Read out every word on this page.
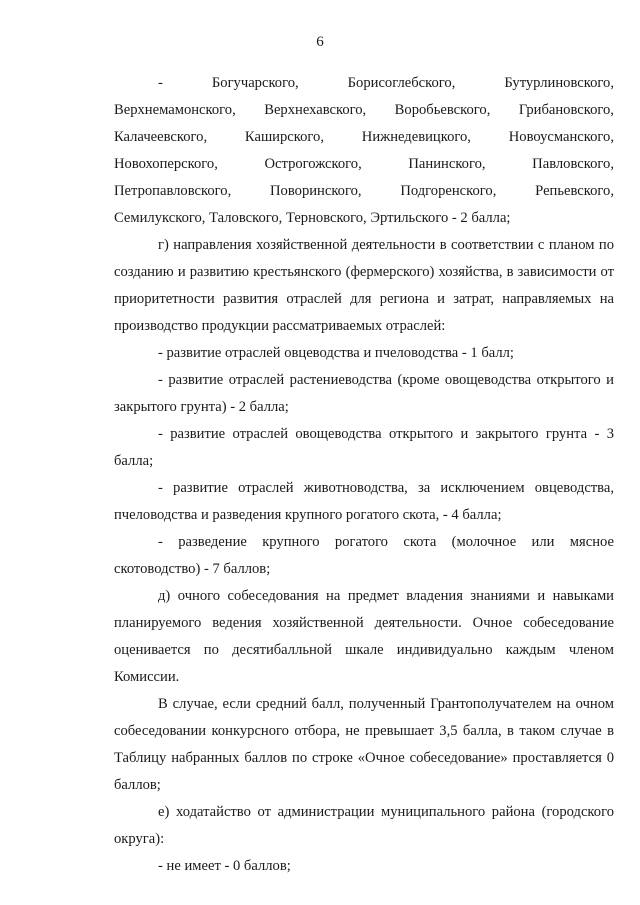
6
-	Богучарского,	Борисоглебского,	Бутурлиновского,
Верхнемамонского, Верхнехавского, Воробьевского, Грибановского,
Калачеевского,	Каширского,	Нижнедевицкого,	Новоусманского,
Новохоперского,	Острогожского,	Панинского,	Павловского,
Петропавловского,	Поворинского,	Подгоренского,	Репьевского,

Семилукского, Таловского, Терновского, Эртильского - 2 балла;

г) направления хозяйственной деятельности в соответствии с планом по созданию и развитию крестьянского (фермерского) хозяйства, в зависимости от приоритетности развития отраслей для региона и затрат, направляемых на производство продукции рассматриваемых отраслей:

- развитие отраслей овцеводства и пчеловодства - 1 балл;

- развитие отраслей растениеводства (кроме овощеводства открытого и закрытого грунта) - 2 балла;

- развитие отраслей овощеводства открытого и закрытого грунта - 3 балла;

- развитие отраслей животноводства, за исключением овцеводства, пчеловодства и разведения крупного рогатого скота, - 4 балла;

- разведение крупного рогатого скота (молочное или мясное скотоводство) - 7 баллов;

д) очного собеседования на предмет владения знаниями и навыками планируемого ведения хозяйственной деятельности. Очное собеседование оценивается по десятибалльной шкале индивидуально каждым членом Комиссии.

В случае, если средний балл, полученный Грантополучателем на очном собеседовании конкурсного отбора, не превышает 3,5 балла, в таком случае в Таблицу набранных баллов по строке «Очное собеседование» проставляется 0 баллов;

е) ходатайство от администрации муниципального района (городского округа):

- не имеет - 0 баллов;
